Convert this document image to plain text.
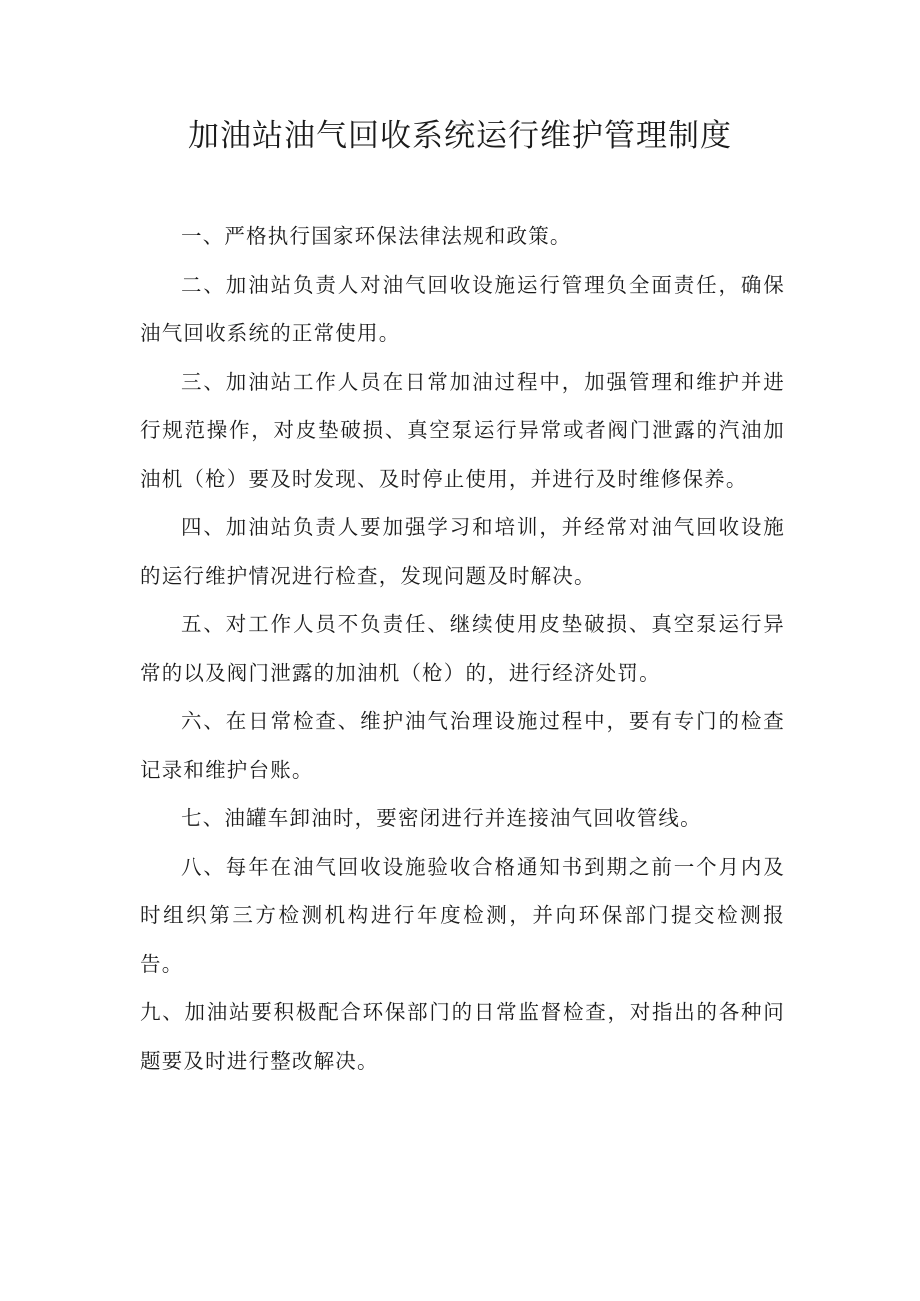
加油站油气回收系统运行维护管理制度

一、严格执行国家环保法律法规和政策。

二、加油站负责人对油气回收设施运行管理负全面责任，确保油气回收系统的正常使用。

三、加油站工作人员在日常加油过程中，加强管理和维护并进行规范操作，对皮垫破损、真空泵运行异常或者阀门泄露的汽油加油机（枪）要及时发现、及时停止使用，并进行及时维修保养。

四、加油站负责人要加强学习和培训，并经常对油气回收设施的运行维护情况进行检查，发现问题及时解决。

五、对工作人员不负责任、继续使用皮垫破损、真空泵运行异常的以及阀门泄露的加油机（枪）的，进行经济处罚。

六、在日常检查、维护油气治理设施过程中，要有专门的检查记录和维护台账。

七、油罐车卸油时，要密闭进行并连接油气回收管线。

八、每年在油气回收设施验收合格通知书到期之前一个月内及时组织第三方检测机构进行年度检测，并向环保部门提交检测报告。

九、加油站要积极配合环保部门的日常监督检查，对指出的各种问题要及时进行整改解决。
